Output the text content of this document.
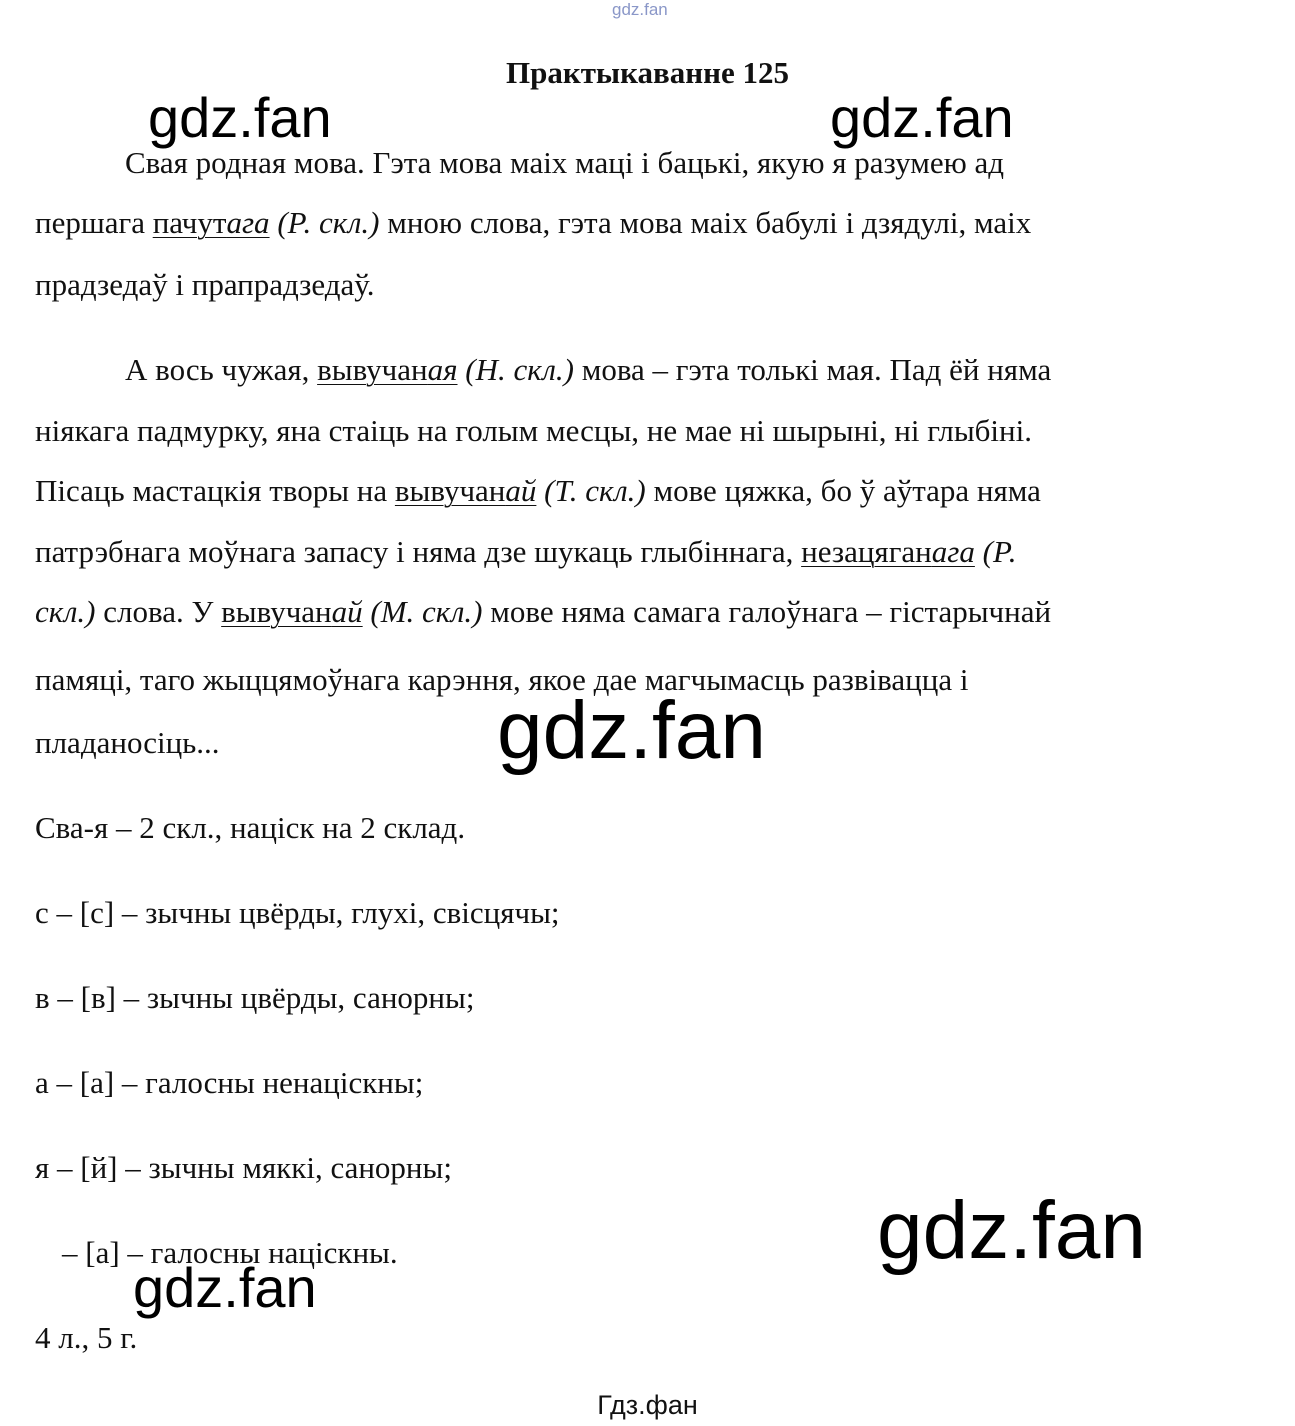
gdz.fan
Практыкаванне 125
Свая родная мова. Гэта мова маіх маці і бацькі, якую я разумею ад
першага пачутага (Р. скл.) мною слова, гэта мова маіх бабулі і дзядулі, маіх
прадзедаў і прапрадзедаў.
А вось чужая, вывучаная (Н. скл.) мова – гэта толькі мая. Пад ёй няма
ніякага падмурку, яна стаіць на голым месцы, не мае ні шырыні, ні глыбіні.
Пісаць мастацкія творы на вывучанай (Т. скл.) мове цяжка, бо ў аўтара няма
патрэбнага моўнага запасу і няма дзе шукаць глыбіннага, незацяганага (Р.
скл.) слова. У вывучанай (М. скл.) мове няма самага галоўнага – гістарычнай
памяці, таго жыццямоўнага карэння, якое дае магчымасць развівацца і
пладаносіць...
Сва-я – 2 скл., націск на 2 склад.
с – [с] – зычны цвёрды, глухі, свісцячы;
в – [в] – зычны цвёрды, санорны;
а – [а] – галосны ненаціскны;
я – [й] – зычны мяккі, санорны;
– [а] – галосны націскны.
4 л., 5 г.
gdz.fan	gdz.fan
gdz.fan
gdz.fan
gdz.fan
Гдз.фан
